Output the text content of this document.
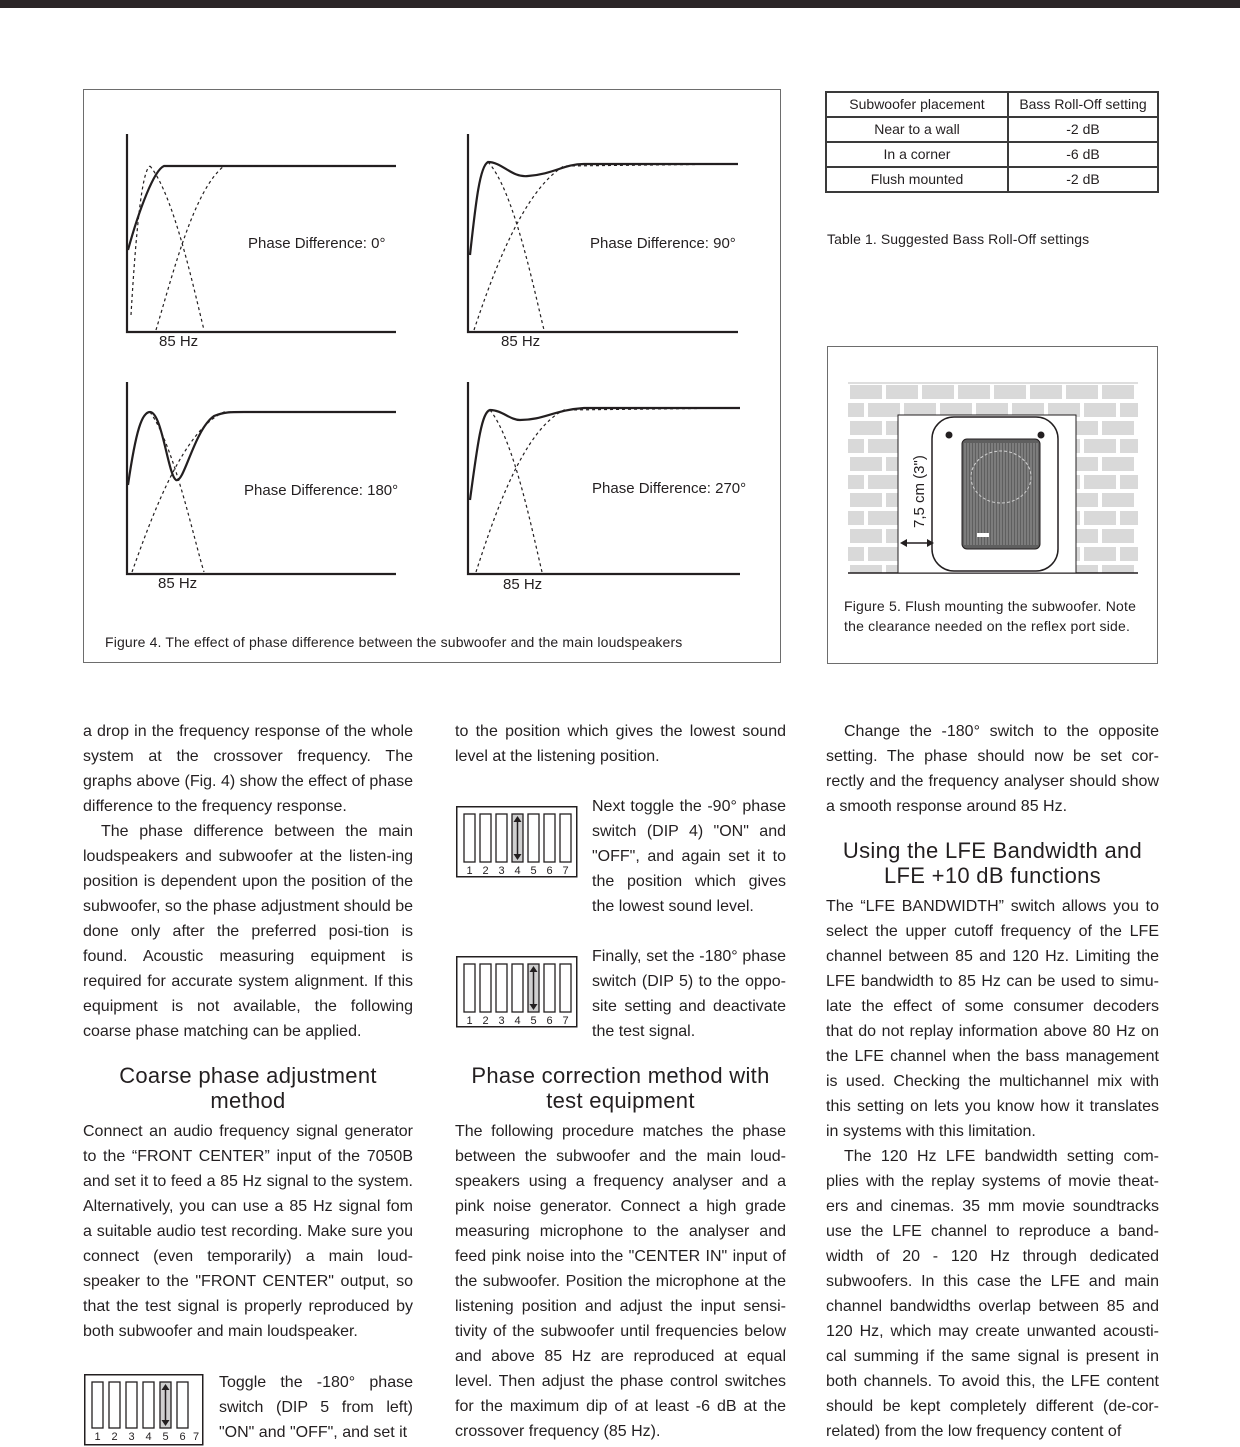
Phase Difference: 0°
85 Hz
Phase Difference: 90°
85 Hz
Phase Difference: 180°
85 Hz
Phase Difference: 270°
85 Hz
Figure 4. The effect of phase difference between the subwoofer and the main loudspeakers
Subwoofer placement	Bass Roll-Off setting
Near to a wall	-2 dB
In a corner	-6 dB
Flush mounted	-2 dB
Table 1. Suggested Bass Roll-Off settings
7,5 cm (3")
Figure 5. Flush mounting the subwoofer. Note the clearance needed on the reflex port side.

a drop in the frequency response of the whole system at the crossover frequency. The graphs above (Fig. 4) show the effect of phase difference to the frequency response.

The phase difference between the main loudspeakers and subwoofer at the listen-ing position is dependent upon the position of the subwoofer, so the phase adjustment should be done only after the preferred posi-tion is found. Acoustic measuring equipment is required for accurate system alignment. If this equipment is not available, the following coarse phase matching can be applied.

Coarse phase adjustment method

Connect an audio frequency signal generator to the “FRONT CENTER” input of the 7050B and set it to feed a 85 Hz signal to the system. Alternatively, you can use a 85 Hz signal fom a suitable audio test recording. Make sure you connect (even temporarily) a main loud-speaker to the "FRONT CENTER" output, so that the test signal is properly reproduced by both subwoofer and main loudspeaker.

1 2 3 4 5 6 7
Toggle the -180° phase switch (DIP 5 from left) "ON" and "OFF", and set it

to the position which gives the lowest sound level at the listening position.

1 2 3 4 5 6 7
Next toggle the -90° phase switch (DIP 4) "ON" and "OFF", and again set it to the position which gives the lowest sound level.
1 2 3 4 5 6 7
Finally, set the -180° phase switch (DIP 5) to the oppo-site setting and deactivate the test signal.
Phase correction method with test equipment

The following procedure matches the phase between the subwoofer and the main loud-speakers using a frequency analyser and a pink noise generator. Connect a high grade measuring microphone to the analyser and feed pink noise into the "CENTER IN" input of the subwoofer. Position the microphone at the listening position and adjust the input sensi-tivity of the subwoofer until frequencies below and above 85 Hz are reproduced at equal level. Then adjust the phase control switches for the maximum dip of at least -6 dB at the crossover frequency (85 Hz).

Change the -180° switch to the opposite setting. The phase should now be set cor-rectly and the frequency analyser should show a smooth response around 85 Hz.

Using the LFE Bandwidth and LFE +10 dB functions

The “LFE BANDWIDTH” switch allows you to select the upper cutoff frequency of the LFE channel between 85 and 120 Hz. Limiting the LFE bandwidth to 85 Hz can be used to simu-late the effect of some consumer decoders that do not replay information above 80 Hz on the LFE channel when the bass management is used. Checking the multichannel mix with this setting on lets you know how it translates in systems with this limitation.

The 120 Hz LFE bandwidth setting com-plies with the replay systems of movie theat-ers and cinemas. 35 mm movie soundtracks use the LFE channel to reproduce a band-width of 20 - 120 Hz through dedicated subwoofers. In this case the LFE and main channel bandwidths overlap between 85 and 120 Hz, which may create unwanted acousti-cal summing if the same signal is present in both channels. To avoid this, the LFE content should be kept completely different (de-cor-related) from the low frequency content of
